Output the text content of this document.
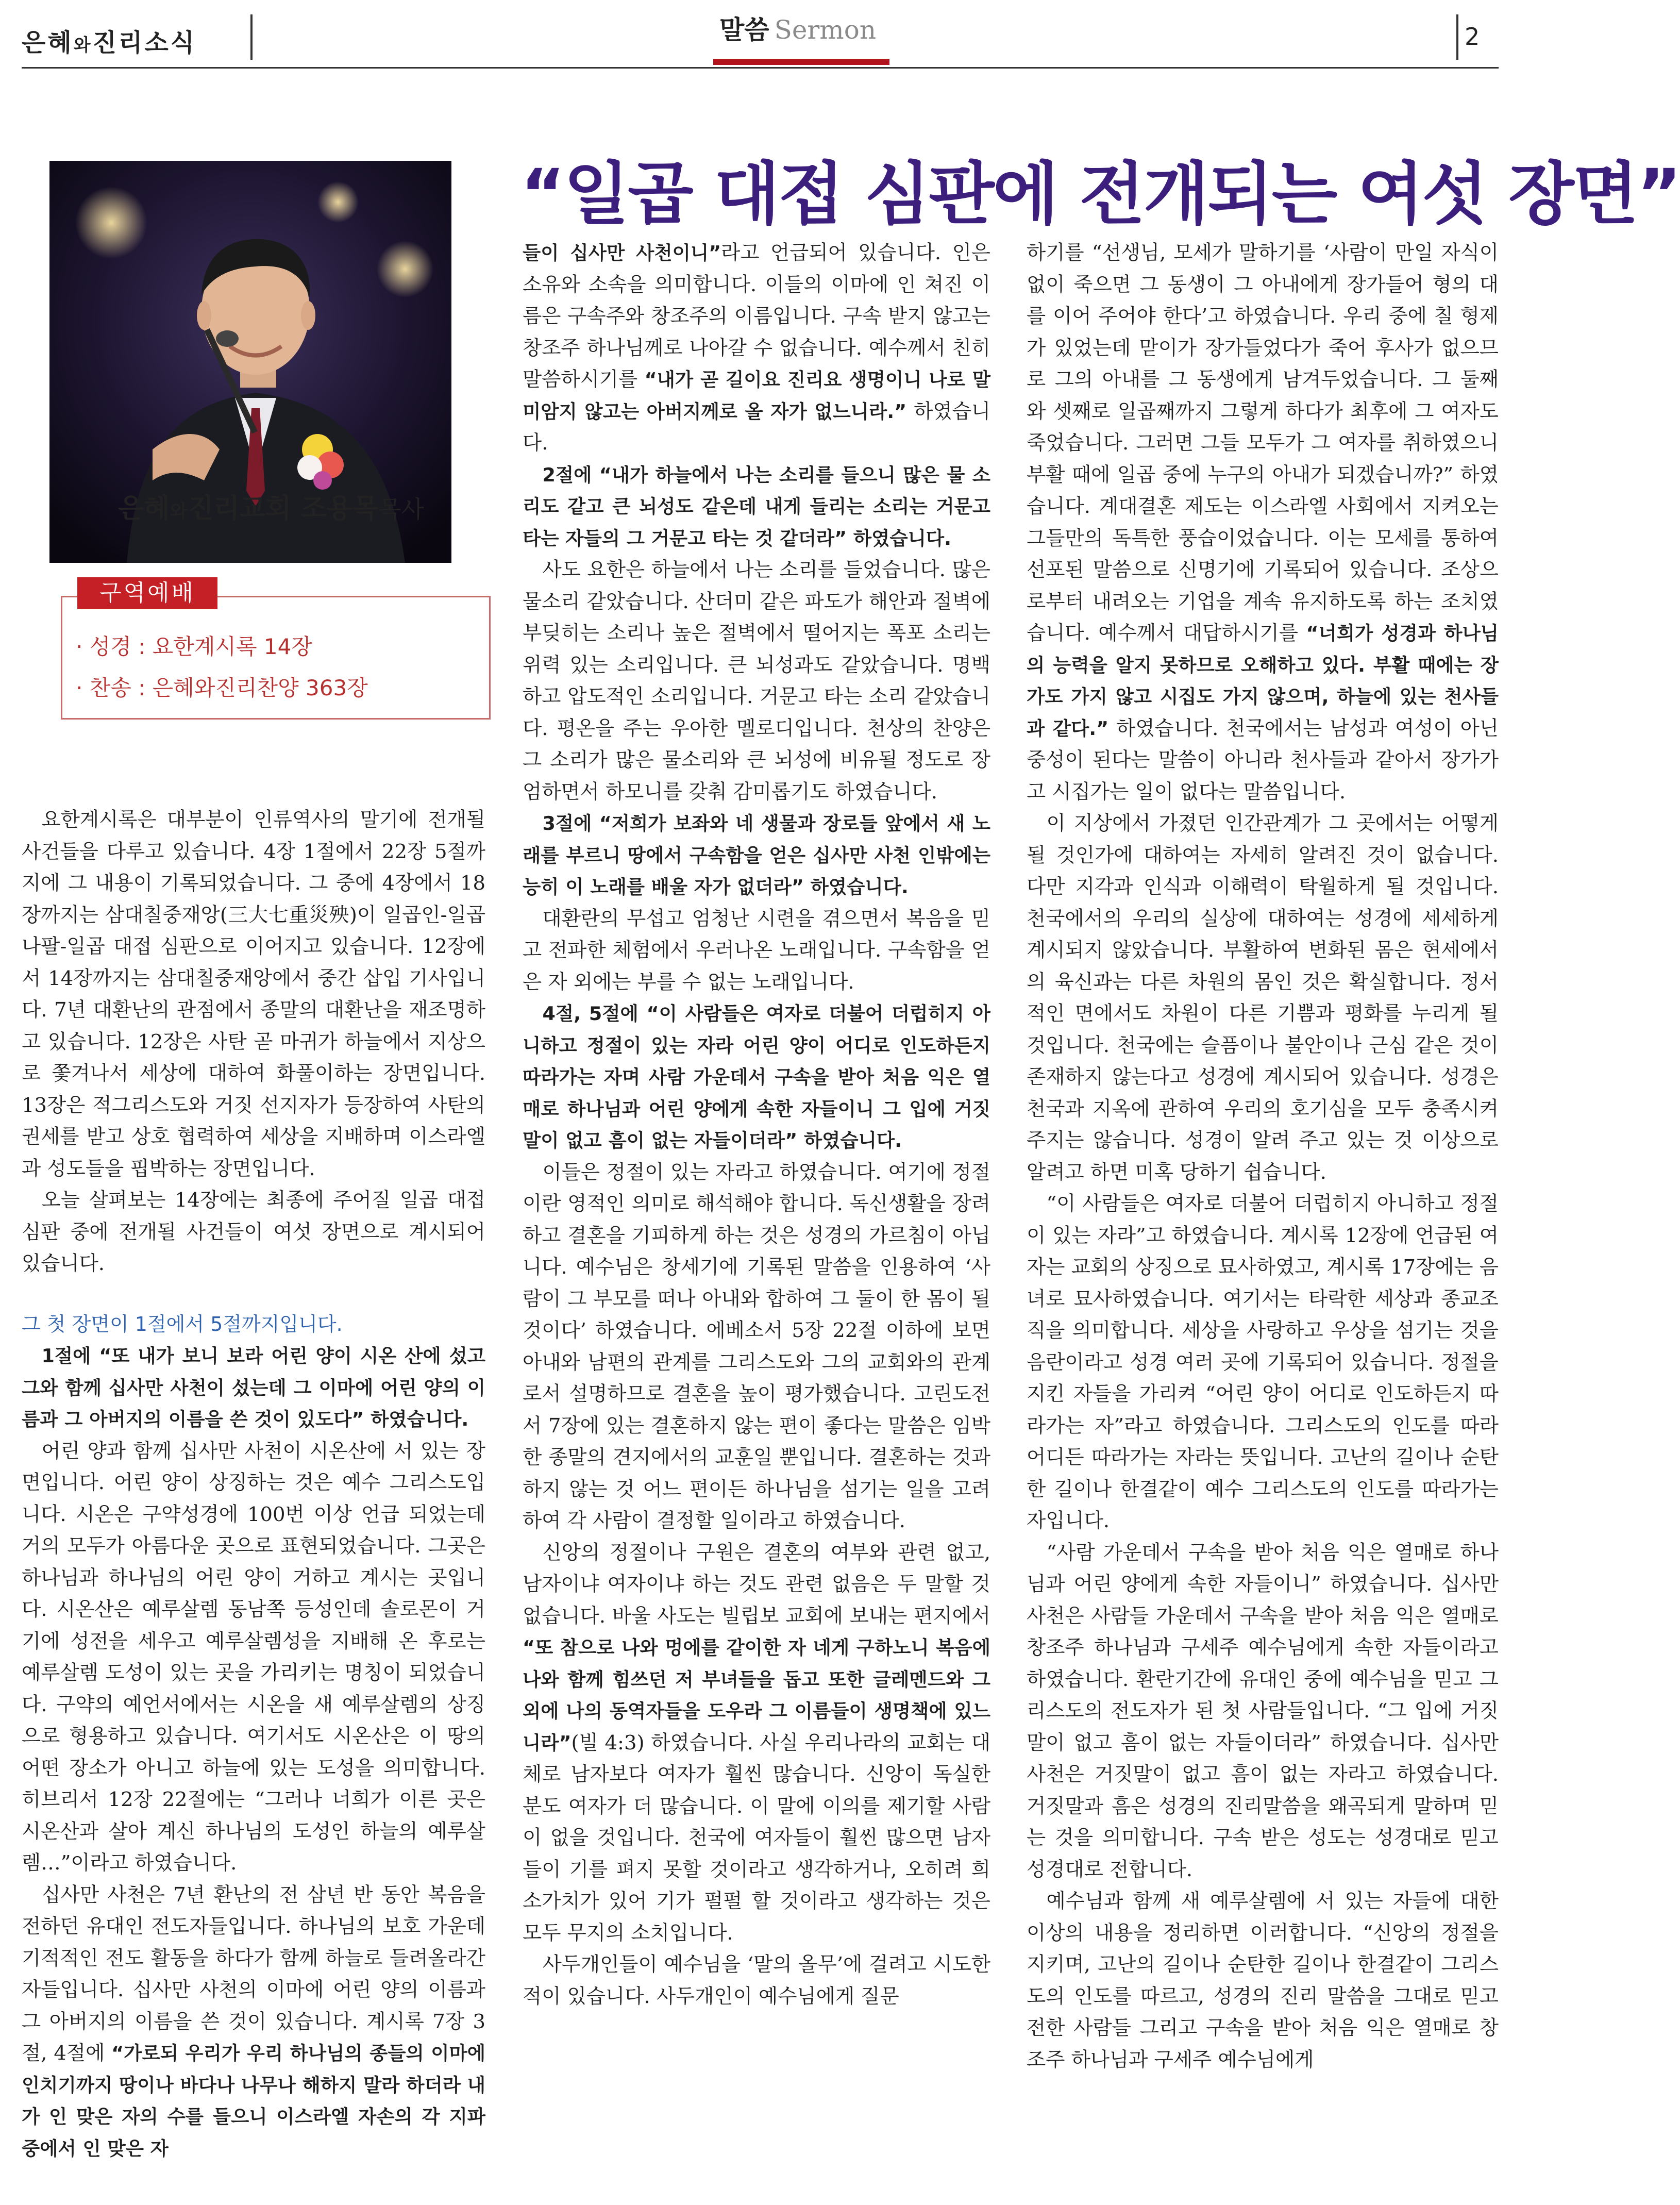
은혜와진리소식	말씀 Sermon	2
“일곱 대접 심판에 전개되는 여섯 장면”
은혜와진리교회 조용목목사
· 성경 : 요한계시록 14장
· 찬송 : 은혜와진리찬양 363장
구역예배

요한계시록은 대부분이 인류역사의 말기에 전개될 사건들을 다루고 있습니다. 4장 1절에서 22장 5절까지에 그 내용이 기록되었습니다. 그 중에 4장에서 18장까지는 삼대칠중재앙(三大七重災殃)이 일곱인-일곱 나팔-일곱 대접 심판으로 이어지고 있습니다. 12장에서 14장까지는 삼대칠중재앙에서 중간 삽입 기사입니다. 7년 대환난의 관점에서 종말의 대환난을 재조명하고 있습니다. 12장은 사탄 곧 마귀가 하늘에서 지상으로 쫓겨나서 세상에 대하여 화풀이하는 장면입니다. 13장은 적그리스도와 거짓 선지자가 등장하여 사탄의 권세를 받고 상호 협력하여 세상을 지배하며 이스라엘과 성도들을 핍박하는 장면입니다.

오늘 살펴보는 14장에는 최종에 주어질 일곱 대접 심판 중에 전개될 사건들이 여섯 장면으로 계시되어 있습니다.

그 첫 장면이 1절에서 5절까지입니다.

1절에 “또 내가 보니 보라 어린 양이 시온 산에 섰고 그와 함께 십사만 사천이 섰는데 그 이마에 어린 양의 이름과 그 아버지의 이름을 쓴 것이 있도다” 하였습니다.

어린 양과 함께 십사만 사천이 시온산에 서 있는 장면입니다. 어린 양이 상징하는 것은 예수 그리스도입니다. 시온은 구약성경에 100번 이상 언급 되었는데 거의 모두가 아름다운 곳으로 표현되었습니다. 그곳은 하나님과 하나님의 어린 양이 거하고 계시는 곳입니다. 시온산은 예루살렘 동남쪽 등성인데 솔로몬이 거기에 성전을 세우고 예루살렘성을 지배해 온 후로는 예루살렘 도성이 있는 곳을 가리키는 명칭이 되었습니다. 구약의 예언서에서는 시온을 새 예루살렘의 상징으로 형용하고 있습니다. 여기서도 시온산은 이 땅의 어떤 장소가 아니고 하늘에 있는 도성을 의미합니다. 히브리서 12장 22절에는 “그러나 너희가 이른 곳은 시온산과 살아 계신 하나님의 도성인 하늘의 예루살렘…”이라고 하였습니다.

십사만 사천은 7년 환난의 전 삼년 반 동안 복음을 전하던 유대인 전도자들입니다. 하나님의 보호 가운데 기적적인 전도 활동을 하다가 함께 하늘로 들려올라간 자들입니다. 십사만 사천의 이마에 어린 양의 이름과 그 아버지의 이름을 쓴 것이 있습니다. 계시록 7장 3절, 4절에 “가로되 우리가 우리 하나님의 종들의 이마에 인치기까지 땅이나 바다나 나무나 해하지 말라 하더라 내가 인 맞은 자의 수를 들으니 이스라엘 자손의 각 지파 중에서 인 맞은 자

들이 십사만 사천이니”라고 언급되어 있습니다. 인은 소유와 소속을 의미합니다. 이들의 이마에 인 쳐진 이름은 구속주와 창조주의 이름입니다. 구속 받지 않고는 창조주 하나님께로 나아갈 수 없습니다. 예수께서 친히 말씀하시기를 “내가 곧 길이요 진리요 생명이니 나로 말미암지 않고는 아버지께로 올 자가 없느니라.” 하였습니다.

2절에 “내가 하늘에서 나는 소리를 들으니 많은 물 소리도 같고 큰 뇌성도 같은데 내게 들리는 소리는 거문고 타는 자들의 그 거문고 타는 것 같더라” 하였습니다.

사도 요한은 하늘에서 나는 소리를 들었습니다. 많은 물소리 같았습니다. 산더미 같은 파도가 해안과 절벽에 부딪히는 소리나 높은 절벽에서 떨어지는 폭포 소리는 위력 있는 소리입니다. 큰 뇌성과도 같았습니다. 명백하고 압도적인 소리입니다. 거문고 타는 소리 같았습니다. 평온을 주는 우아한 멜로디입니다. 천상의 찬양은 그 소리가 많은 물소리와 큰 뇌성에 비유될 정도로 장엄하면서 하모니를 갖춰 감미롭기도 하였습니다.

3절에 “저희가 보좌와 네 생물과 장로들 앞에서 새 노래를 부르니 땅에서 구속함을 얻은 십사만 사천 인밖에는 능히 이 노래를 배울 자가 없더라” 하였습니다.

대환란의 무섭고 엄청난 시련을 겪으면서 복음을 믿고 전파한 체험에서 우러나온 노래입니다. 구속함을 얻은 자 외에는 부를 수 없는 노래입니다.

4절, 5절에 “이 사람들은 여자로 더불어 더럽히지 아니하고 정절이 있는 자라 어린 양이 어디로 인도하든지 따라가는 자며 사람 가운데서 구속을 받아 처음 익은 열매로 하나님과 어린 양에게 속한 자들이니 그 입에 거짓말이 없고 흠이 없는 자들이더라” 하였습니다.

이들은 정절이 있는 자라고 하였습니다. 여기에 정절이란 영적인 의미로 해석해야 합니다. 독신생활을 장려하고 결혼을 기피하게 하는 것은 성경의 가르침이 아닙니다. 예수님은 창세기에 기록된 말씀을 인용하여 ‘사람이 그 부모를 떠나 아내와 합하여 그 둘이 한 몸이 될 것이다’ 하였습니다. 에베소서 5장 22절 이하에 보면 아내와 남편의 관계를 그리스도와 그의 교회와의 관계로서 설명하므로 결혼을 높이 평가했습니다. 고린도전서 7장에 있는 결혼하지 않는 편이 좋다는 말씀은 임박한 종말의 견지에서의 교훈일 뿐입니다. 결혼하는 것과 하지 않는 것 어느 편이든 하나님을 섬기는 일을 고려하여 각 사람이 결정할 일이라고 하였습니다.

신앙의 정절이나 구원은 결혼의 여부와 관련 없고, 남자이냐 여자이냐 하는 것도 관련 없음은 두 말할 것 없습니다. 바울 사도는 빌립보 교회에 보내는 편지에서 “또 참으로 나와 멍에를 같이한 자 네게 구하노니 복음에 나와 함께 힘쓰던 저 부녀들을 돕고 또한 글레멘드와 그 외에 나의 동역자들을 도우라 그 이름들이 생명책에 있느니라”(빌 4:3) 하였습니다. 사실 우리나라의 교회는 대체로 남자보다 여자가 훨씬 많습니다. 신앙이 독실한 분도 여자가 더 많습니다. 이 말에 이의를 제기할 사람이 없을 것입니다. 천국에 여자들이 훨씬 많으면 남자들이 기를 펴지 못할 것이라고 생각하거나, 오히려 희소가치가 있어 기가 펄펄 할 것이라고 생각하는 것은 모두 무지의 소치입니다.

사두개인들이 예수님을 ‘말의 올무’에 걸려고 시도한 적이 있습니다. 사두개인이 예수님에게 질문

하기를 “선생님, 모세가 말하기를 ‘사람이 만일 자식이 없이 죽으면 그 동생이 그 아내에게 장가들어 형의 대를 이어 주어야 한다’고 하였습니다. 우리 중에 칠 형제가 있었는데 맏이가 장가들었다가 죽어 후사가 없으므로 그의 아내를 그 동생에게 남겨두었습니다. 그 둘째와 셋째로 일곱째까지 그렇게 하다가 최후에 그 여자도 죽었습니다. 그러면 그들 모두가 그 여자를 취하였으니 부활 때에 일곱 중에 누구의 아내가 되겠습니까?” 하였습니다. 계대결혼 제도는 이스라엘 사회에서 지켜오는 그들만의 독특한 풍습이었습니다. 이는 모세를 통하여 선포된 말씀으로 신명기에 기록되어 있습니다. 조상으로부터 내려오는 기업을 계속 유지하도록 하는 조치였습니다. 예수께서 대답하시기를 “너희가 성경과 하나님의 능력을 알지 못하므로 오해하고 있다. 부활 때에는 장가도 가지 않고 시집도 가지 않으며, 하늘에 있는 천사들과 같다.” 하였습니다. 천국에서는 남성과 여성이 아닌 중성이 된다는 말씀이 아니라 천사들과 같아서 장가가고 시집가는 일이 없다는 말씀입니다.

이 지상에서 가졌던 인간관계가 그 곳에서는 어떻게 될 것인가에 대하여는 자세히 알려진 것이 없습니다. 다만 지각과 인식과 이해력이 탁월하게 될 것입니다. 천국에서의 우리의 실상에 대하여는 성경에 세세하게 계시되지 않았습니다. 부활하여 변화된 몸은 현세에서의 육신과는 다른 차원의 몸인 것은 확실합니다. 정서적인 면에서도 차원이 다른 기쁨과 평화를 누리게 될 것입니다. 천국에는 슬픔이나 불안이나 근심 같은 것이 존재하지 않는다고 성경에 계시되어 있습니다. 성경은 천국과 지옥에 관하여 우리의 호기심을 모두 충족시켜 주지는 않습니다. 성경이 알려 주고 있는 것 이상으로 알려고 하면 미혹 당하기 쉽습니다.

“이 사람들은 여자로 더불어 더럽히지 아니하고 정절이 있는 자라”고 하였습니다. 계시록 12장에 언급된 여자는 교회의 상징으로 묘사하였고, 계시록 17장에는 음녀로 묘사하였습니다. 여기서는 타락한 세상과 종교조직을 의미합니다. 세상을 사랑하고 우상을 섬기는 것을 음란이라고 성경 여러 곳에 기록되어 있습니다. 정절을 지킨 자들을 가리켜 “어린 양이 어디로 인도하든지 따라가는 자”라고 하였습니다. 그리스도의 인도를 따라 어디든 따라가는 자라는 뜻입니다. 고난의 길이나 순탄한 길이나 한결같이 예수 그리스도의 인도를 따라가는 자입니다.

“사람 가운데서 구속을 받아 처음 익은 열매로 하나님과 어린 양에게 속한 자들이니” 하였습니다. 십사만 사천은 사람들 가운데서 구속을 받아 처음 익은 열매로 창조주 하나님과 구세주 예수님에게 속한 자들이라고 하였습니다. 환란기간에 유대인 중에 예수님을 믿고 그리스도의 전도자가 된 첫 사람들입니다. “그 입에 거짓말이 없고 흠이 없는 자들이더라” 하였습니다. 십사만 사천은 거짓말이 없고 흠이 없는 자라고 하였습니다. 거짓말과 흠은 성경의 진리말씀을 왜곡되게 말하며 믿는 것을 의미합니다. 구속 받은 성도는 성경대로 믿고 성경대로 전합니다.

예수님과 함께 새 예루살렘에 서 있는 자들에 대한 이상의 내용을 정리하면 이러합니다. “신앙의 정절을 지키며, 고난의 길이나 순탄한 길이나 한결같이 그리스도의 인도를 따르고, 성경의 진리 말씀을 그대로 믿고 전한 사람들 그리고 구속을 받아 처음 익은 열매로 창조주 하나님과 구세주 예수님에게
